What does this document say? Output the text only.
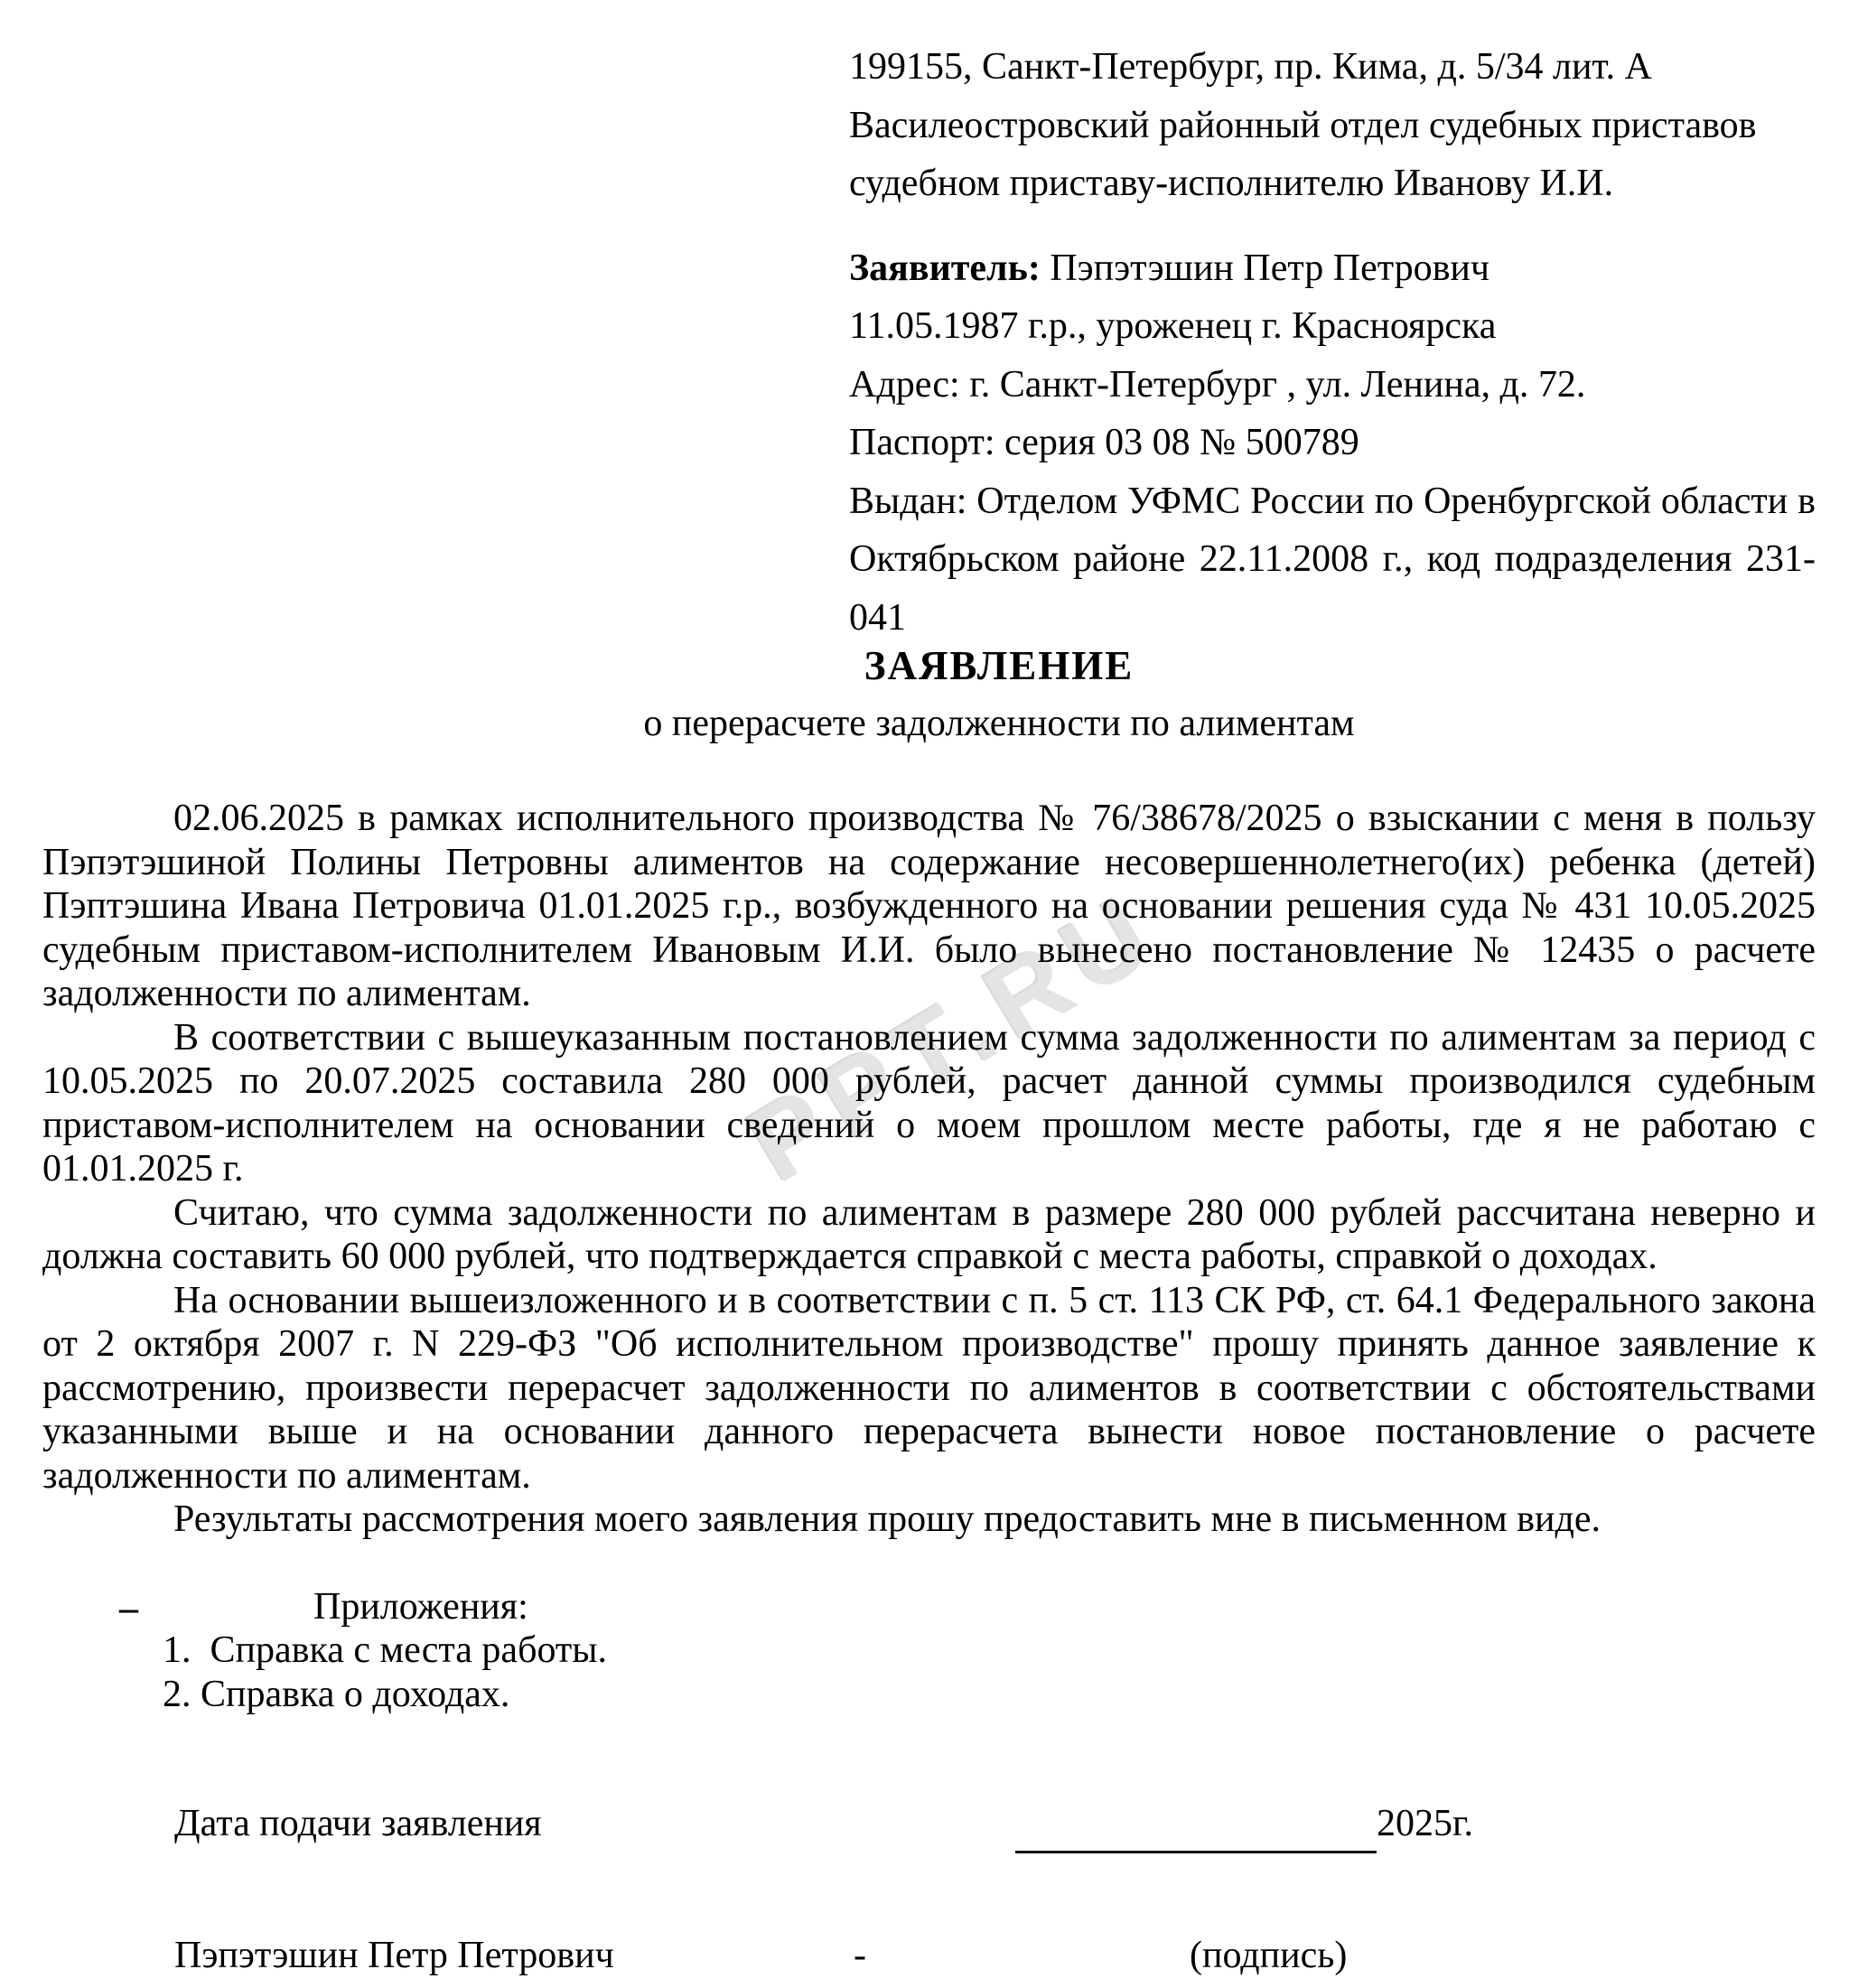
PPT.RU
199155, Санкт-Петербург, пр. Кима, д. 5/34 лит. А
Василеостровский районный отдел судебных приставов
судебном приставу-исполнителю Иванову И.И.
Заявитель: Пэпэтэшин Петр Петрович
11.05.1987 г.р., уроженец г. Красноярска
Адрес: г. Санкт-Петербург , ул. Ленина, д. 72.
Паспорт: серия 03 08 № 500789

Выдан: Отделом УФМС России по Оренбургской области в Октябрьском районе 22.11.2008 г., код подразделения 231-041

ЗАЯВЛЕНИЕ
о перерасчете задолженности по алиментам

02.06.2025 в рамках исполнительного производства № 76/38678/2025 о взыскании с меня в пользу Пэпэтэшиной Полины Петровны алиментов на содержание несовершеннолетнего(их) ребенка (детей) Пэптэшина Ивана Петровича 01.01.2025 г.р., возбужденного на основании решения суда № 431 10.05.2025 судебным приставом-исполнителем Ивановым И.И. было вынесено постановление № 12435 о расчете задолженности по алиментам.

В соответствии с вышеуказанным постановлением сумма задолженности по алиментам за период с 10.05.2025 по 20.07.2025 составила 280 000 рублей, расчет данной суммы производился судебным приставом-исполнителем на основании сведений о моем прошлом месте работы, где я не работаю с 01.01.2025 г.

Считаю, что сумма задолженности по алиментам в размере 280 000 рублей рассчитана неверно и должна составить 60 000 рублей, что подтверждается справкой с места работы, справкой о доходах.

На основании вышеизложенного и в соответствии с п. 5 ст. 113 СК РФ, ст. 64.1 Федерального закона от 2 октября 2007 г. N 229-ФЗ "Об исполнительном производстве" прошу принять данное заявление к рассмотрению, произвести перерасчет задолженности по алиментов в соответствии с обстоятельствами указанными выше и на основании данного перерасчета вынести новое постановление о расчете задолженности по алиментам.

Результаты рассмотрения моего заявления прошу предоставить мне в письменном виде.

–	Приложения:
1.  Справка с места работы.
2. Справка о доходах.
Дата подачи заявления	2025г.
Пэпэтэшин Петр Петрович	-	(подпись)
